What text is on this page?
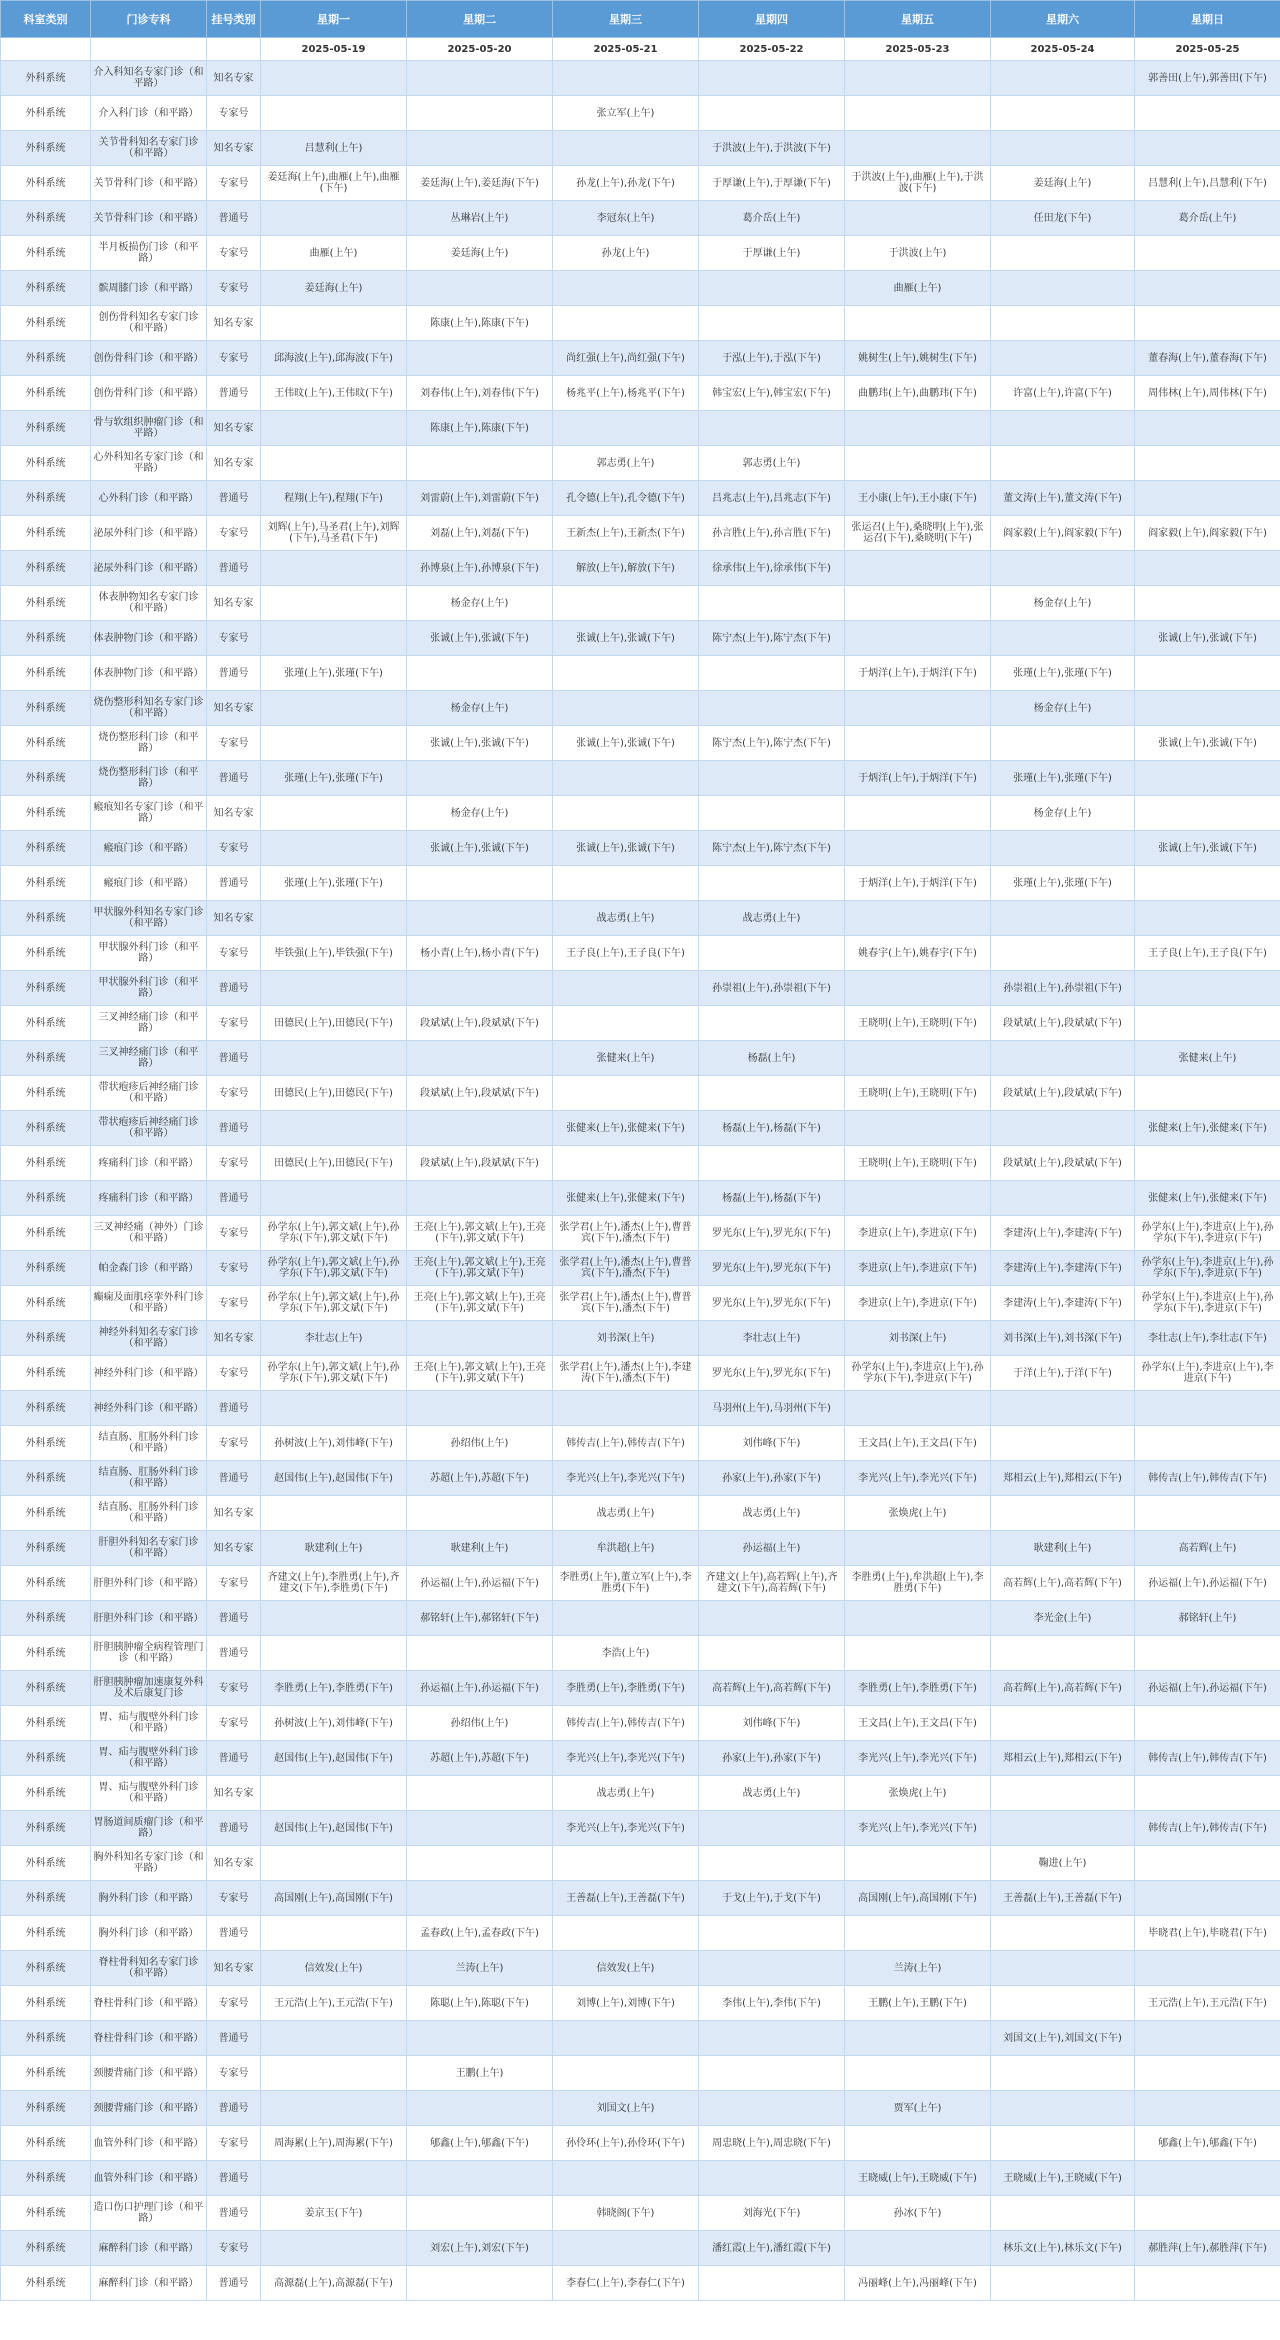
科室类别	门诊专科	挂号类别	星期一	星期二	星期三	星期四	星期五	星期六	星期日
			2025-05-19	2025-05-20	2025-05-21	2025-05-22	2025-05-23	2025-05-24	2025-05-25
外科系统	介入科知名专家门诊（和平路）	知名专家							郭善田(上午),郭善田(下午)
外科系统	介入科门诊（和平路）	专家号			张立军(上午)				
外科系统	关节骨科知名专家门诊（和平路）	知名专家	吕慧利(上午)			于洪波(上午),于洪波(下午)			
外科系统	关节骨科门诊（和平路）	专家号	姜廷海(上午),曲雁(上午),曲雁(下午)	姜廷海(上午),姜廷海(下午)	孙龙(上午),孙龙(下午)	于厚谦(上午),于厚谦(下午)	于洪波(上午),曲雁(上午),于洪波(下午)	姜廷海(上午)	吕慧利(上午),吕慧利(下午)
外科系统	关节骨科门诊（和平路）	普通号		丛琳岩(上午)	李冠东(上午)	葛介岳(上午)		任田龙(下午)	葛介岳(上午)
外科系统	半月板损伤门诊（和平路）	专家号	曲雁(上午)	姜廷海(上午)	孙龙(上午)	于厚谦(上午)	于洪波(上午)		
外科系统	髌周膝门诊（和平路）	专家号	姜廷海(上午)				曲雁(上午)		
外科系统	创伤骨科知名专家门诊（和平路）	知名专家		陈康(上午),陈康(下午)					
外科系统	创伤骨科门诊（和平路）	专家号	邱海波(上午),邱海波(下午)		尚红强(上午),尚红强(下午)	于泓(上午),于泓(下午)	姚树生(上午),姚树生(下午)		董春海(上午),董春海(下午)
外科系统	创伤骨科门诊（和平路）	普通号	王伟旼(上午),王伟旼(下午)	刘春伟(上午),刘春伟(下午)	杨兆平(上午),杨兆平(下午)	韩宝宏(上午),韩宝宏(下午)	曲鹏玮(上午),曲鹏玮(下午)	许富(上午),许富(下午)	周伟林(上午),周伟林(下午)
外科系统	骨与软组织肿瘤门诊（和平路）	知名专家		陈康(上午),陈康(下午)					
外科系统	心外科知名专家门诊（和平路）	知名专家			郭志勇(上午)	郭志勇(上午)			
外科系统	心外科门诊（和平路）	普通号	程翔(上午),程翔(下午)	刘雷蔚(上午),刘雷蔚(下午)	孔令德(上午),孔令德(下午)	吕兆志(上午),吕兆志(下午)	王小康(上午),王小康(下午)	董文涛(上午),董文涛(下午)	
外科系统	泌尿外科门诊（和平路）	专家号	刘辉(上午),马圣君(上午),刘辉(下午),马圣君(下午)	刘磊(上午),刘磊(下午)	王新杰(上午),王新杰(下午)	孙言胜(上午),孙言胜(下午)	张运召(上午),桑晓明(上午),张运召(下午),桑晓明(下午)	阎家毅(上午),阎家毅(下午)	阎家毅(上午),阎家毅(下午)
外科系统	泌尿外科门诊（和平路）	普通号		孙博泉(上午),孙博泉(下午)	解放(上午),解放(下午)	徐承伟(上午),徐承伟(下午)			
外科系统	体表肿物知名专家门诊（和平路）	知名专家		杨金存(上午)				杨金存(上午)	
外科系统	体表肿物门诊（和平路）	专家号		张诚(上午),张诚(下午)	张诚(上午),张诚(下午)	陈宁杰(上午),陈宁杰(下午)			张诚(上午),张诚(下午)
外科系统	体表肿物门诊（和平路）	普通号	张瑾(上午),张瑾(下午)				于炳洋(上午),于炳洋(下午)	张瑾(上午),张瑾(下午)	
外科系统	烧伤整形科知名专家门诊（和平路）	知名专家		杨金存(上午)				杨金存(上午)	
外科系统	烧伤整形科门诊（和平路）	专家号		张诚(上午),张诚(下午)	张诚(上午),张诚(下午)	陈宁杰(上午),陈宁杰(下午)			张诚(上午),张诚(下午)
外科系统	烧伤整形科门诊（和平路）	普通号	张瑾(上午),张瑾(下午)				于炳洋(上午),于炳洋(下午)	张瑾(上午),张瑾(下午)	
外科系统	瘢痕知名专家门诊（和平路）	知名专家		杨金存(上午)				杨金存(上午)	
外科系统	瘢痕门诊（和平路）	专家号		张诚(上午),张诚(下午)	张诚(上午),张诚(下午)	陈宁杰(上午),陈宁杰(下午)			张诚(上午),张诚(下午)
外科系统	瘢痕门诊（和平路）	普通号	张瑾(上午),张瑾(下午)				于炳洋(上午),于炳洋(下午)	张瑾(上午),张瑾(下午)	
外科系统	甲状腺外科知名专家门诊（和平路）	知名专家			战志勇(上午)	战志勇(上午)			
外科系统	甲状腺外科门诊（和平路）	专家号	毕铁强(上午),毕铁强(下午)	杨小青(上午),杨小青(下午)	王子良(上午),王子良(下午)		姚春宇(上午),姚春宇(下午)		王子良(上午),王子良(下午)
外科系统	甲状腺外科门诊（和平路）	普通号				孙崇祖(上午),孙崇祖(下午)		孙崇祖(上午),孙崇祖(下午)	
外科系统	三叉神经痛门诊（和平路）	专家号	田德民(上午),田德民(下午)	段斌斌(上午),段斌斌(下午)			王晓明(上午),王晓明(下午)	段斌斌(上午),段斌斌(下午)	
外科系统	三叉神经痛门诊（和平路）	普通号			张健来(上午)	杨磊(上午)			张健来(上午)
外科系统	带状疱疹后神经痛门诊（和平路）	专家号	田德民(上午),田德民(下午)	段斌斌(上午),段斌斌(下午)			王晓明(上午),王晓明(下午)	段斌斌(上午),段斌斌(下午)	
外科系统	带状疱疹后神经痛门诊（和平路）	普通号			张健来(上午),张健来(下午)	杨磊(上午),杨磊(下午)			张健来(上午),张健来(下午)
外科系统	疼痛科门诊（和平路）	专家号	田德民(上午),田德民(下午)	段斌斌(上午),段斌斌(下午)			王晓明(上午),王晓明(下午)	段斌斌(上午),段斌斌(下午)	
外科系统	疼痛科门诊（和平路）	普通号			张健来(上午),张健来(下午)	杨磊(上午),杨磊(下午)			张健来(上午),张健来(下午)
外科系统	三叉神经痛（神外）门诊（和平路）	专家号	孙学东(上午),郭文斌(上午),孙学东(下午),郭文斌(下午)	王亮(上午),郭文斌(上午),王亮(下午),郭文斌(下午)	张学君(上午),潘杰(上午),曹普宾(下午),潘杰(下午)	罗光东(上午),罗光东(下午)	李进京(上午),李进京(下午)	李建涛(上午),李建涛(下午)	孙学东(上午),李进京(上午),孙学东(下午),李进京(下午)
外科系统	帕金森门诊（和平路）	专家号	孙学东(上午),郭文斌(上午),孙学东(下午),郭文斌(下午)	王亮(上午),郭文斌(上午),王亮(下午),郭文斌(下午)	张学君(上午),潘杰(上午),曹普宾(下午),潘杰(下午)	罗光东(上午),罗光东(下午)	李进京(上午),李进京(下午)	李建涛(上午),李建涛(下午)	孙学东(上午),李进京(上午),孙学东(下午),李进京(下午)
外科系统	癫痫及面肌痉挛外科门诊（和平路）	专家号	孙学东(上午),郭文斌(上午),孙学东(下午),郭文斌(下午)	王亮(上午),郭文斌(上午),王亮(下午),郭文斌(下午)	张学君(上午),潘杰(上午),曹普宾(下午),潘杰(下午)	罗光东(上午),罗光东(下午)	李进京(上午),李进京(下午)	李建涛(上午),李建涛(下午)	孙学东(上午),李进京(上午),孙学东(下午),李进京(下午)
外科系统	神经外科知名专家门诊（和平路）	知名专家	李壮志(上午)		刘书深(上午)	李壮志(上午)	刘书深(上午)	刘书深(上午),刘书深(下午)	李壮志(上午),李壮志(下午)
外科系统	神经外科门诊（和平路）	专家号	孙学东(上午),郭文斌(上午),孙学东(下午),郭文斌(下午)	王亮(上午),郭文斌(上午),王亮(下午),郭文斌(下午)	张学君(上午),潘杰(上午),李建涛(下午),潘杰(下午)	罗光东(上午),罗光东(下午)	孙学东(上午),李进京(上午),孙学东(下午),李进京(下午)	于洋(上午),于洋(下午)	孙学东(上午),李进京(上午),李进京(下午)
外科系统	神经外科门诊（和平路）	普通号				马羽州(上午),马羽州(下午)			
外科系统	结直肠、肛肠外科门诊（和平路）	专家号	孙树波(上午),刘伟峰(下午)	孙绍伟(上午)	韩传吉(上午),韩传吉(下午)	刘伟峰(下午)	王文昌(上午),王文昌(下午)		
外科系统	结直肠、肛肠外科门诊（和平路）	普通号	赵国伟(上午),赵国伟(下午)	苏超(上午),苏超(下午)	李光兴(上午),李光兴(下午)	孙家(上午),孙家(下午)	李光兴(上午),李光兴(下午)	郑相云(上午),郑相云(下午)	韩传吉(上午),韩传吉(下午)
外科系统	结直肠、肛肠外科门诊（和平路）	知名专家			战志勇(上午)	战志勇(上午)	张焕虎(上午)		
外科系统	肝胆外科知名专家门诊（和平路）	知名专家	耿建利(上午)	耿建利(上午)	牟洪超(上午)	孙运福(上午)		耿建利(上午)	高若辉(上午)
外科系统	肝胆外科门诊（和平路）	专家号	齐建文(上午),李胜勇(上午),齐建文(下午),李胜勇(下午)	孙运福(上午),孙运福(下午)	李胜勇(上午),董立军(上午),李胜勇(下午)	齐建文(上午),高若辉(上午),齐建文(下午),高若辉(下午)	李胜勇(上午),牟洪超(上午),李胜勇(下午)	高若辉(上午),高若辉(下午)	孙运福(上午),孙运福(下午)
外科系统	肝胆外科门诊（和平路）	普通号		郝铭轩(上午),郝铭轩(下午)				李光金(上午)	郝铭轩(上午)
外科系统	肝胆胰肿瘤全病程管理门诊（和平路）	普通号			李浩(上午)				
外科系统	肝胆胰肿瘤加速康复外科及术后康复门诊	专家号	李胜勇(上午),李胜勇(下午)	孙运福(上午),孙运福(下午)	李胜勇(上午),李胜勇(下午)	高若辉(上午),高若辉(下午)	李胜勇(上午),李胜勇(下午)	高若辉(上午),高若辉(下午)	孙运福(上午),孙运福(下午)
外科系统	胃、疝与腹壁外科门诊（和平路）	专家号	孙树波(上午),刘伟峰(下午)	孙绍伟(上午)	韩传吉(上午),韩传吉(下午)	刘伟峰(下午)	王文昌(上午),王文昌(下午)		
外科系统	胃、疝与腹壁外科门诊（和平路）	普通号	赵国伟(上午),赵国伟(下午)	苏超(上午),苏超(下午)	李光兴(上午),李光兴(下午)	孙家(上午),孙家(下午)	李光兴(上午),李光兴(下午)	郑相云(上午),郑相云(下午)	韩传吉(上午),韩传吉(下午)
外科系统	胃、疝与腹壁外科门诊（和平路）	知名专家			战志勇(上午)	战志勇(上午)	张焕虎(上午)		
外科系统	胃肠道间质瘤门诊（和平路）	普通号	赵国伟(上午),赵国伟(下午)		李光兴(上午),李光兴(下午)		李光兴(上午),李光兴(下午)		韩传吉(上午),韩传吉(下午)
外科系统	胸外科知名专家门诊（和平路）	知名专家						鞠进(上午)	
外科系统	胸外科门诊（和平路）	专家号	高国刚(上午),高国刚(下午)		王善磊(上午),王善磊(下午)	于戈(上午),于戈(下午)	高国刚(上午),高国刚(下午)	王善磊(上午),王善磊(下午)	
外科系统	胸外科门诊（和平路）	普通号		孟春政(上午),孟春政(下午)					毕晓君(上午),毕晓君(下午)
外科系统	脊柱骨科知名专家门诊（和平路）	知名专家	信效发(上午)	兰涛(上午)	信效发(上午)		兰涛(上午)		
外科系统	脊柱骨科门诊（和平路）	专家号	王元浩(上午),王元浩(下午)	陈聪(上午),陈聪(下午)	刘博(上午),刘博(下午)	李伟(上午),李伟(下午)	王鹏(上午),王鹏(下午)		王元浩(上午),王元浩(下午)
外科系统	脊柱骨科门诊（和平路）	普通号						刘国文(上午),刘国文(下午)	
外科系统	颈腰背痛门诊（和平路）	专家号		王鹏(上午)					
外科系统	颈腰背痛门诊（和平路）	普通号			刘国文(上午)		贾军(上午)		
外科系统	血管外科门诊（和平路）	专家号	周海累(上午),周海累(下午)	郇鑫(上午),郇鑫(下午)	孙伶环(上午),孙伶环(下午)	周忠晓(上午),周忠晓(下午)			郇鑫(上午),郇鑫(下午)
外科系统	血管外科门诊（和平路）	普通号					王晓威(上午),王晓威(下午)	王晓威(上午),王晓威(下午)	
外科系统	造口伤口护理门诊（和平路）	普通号	姜京玉(下午)		韩晓阁(下午)	刘海光(下午)	孙冰(下午)		
外科系统	麻醉科门诊（和平路）	专家号		刘宏(上午),刘宏(下午)		潘红霞(上午),潘红霞(下午)		林乐文(上午),林乐文(下午)	郝胜萍(上午),郝胜萍(下午)
外科系统	麻醉科门诊（和平路）	普通号	高源磊(上午),高源磊(下午)		李春仁(上午),李春仁(下午)		冯丽峰(上午),冯丽峰(下午)		
